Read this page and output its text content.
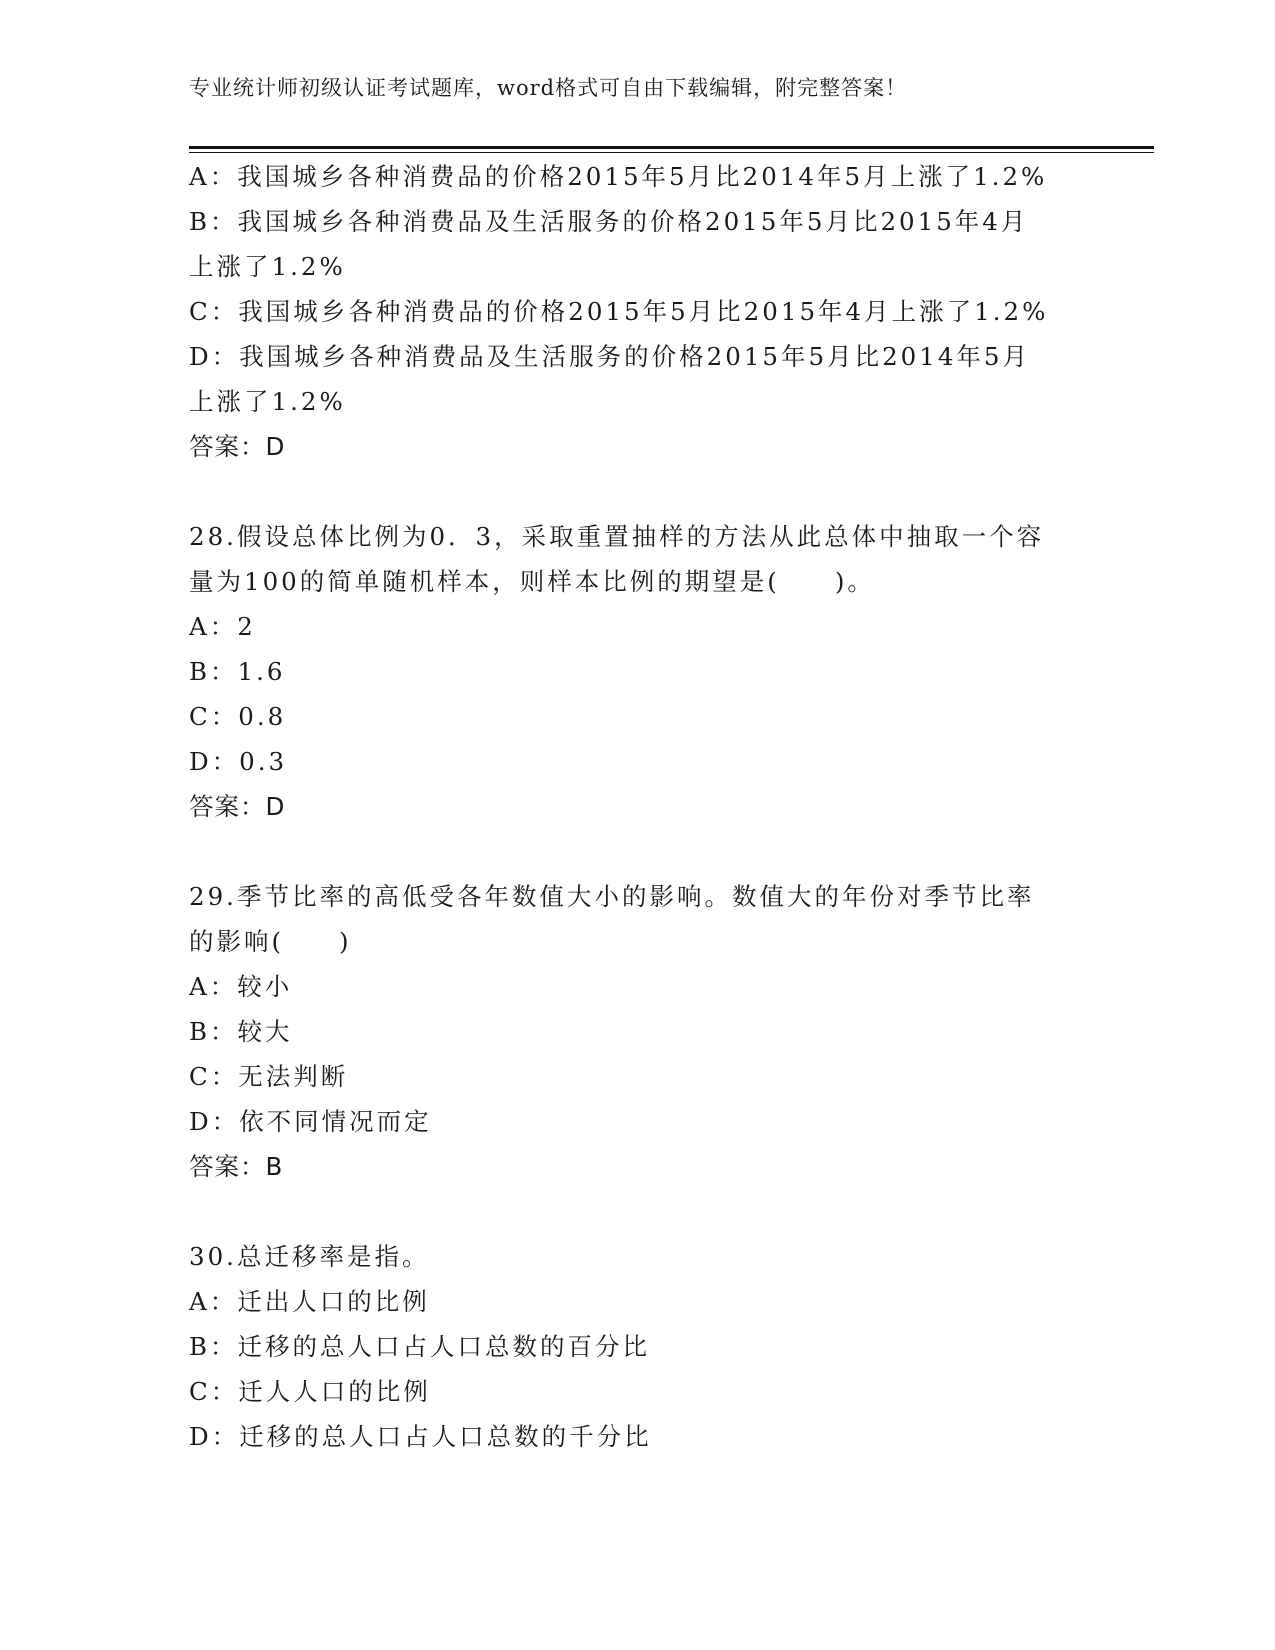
专业统计师初级认证考试题库，word格式可自由下载编辑，附完整答案！
A：我国城乡各种消费品的价格2015年5月比2014年5月上涨了1.2%
B：我国城乡各种消费品及生活服务的价格2015年5月比2015年4月
上涨了1.2%
C：我国城乡各种消费品的价格2015年5月比2015年4月上涨了1.2%
D：我国城乡各种消费品及生活服务的价格2015年5月比2014年5月
上涨了1.2%
答案：D
28.假设总体比例为0．3，采取重置抽样的方法从此总体中抽取一个容
量为100的简单随机样本，则样本比例的期望是(　　)。
A：2
B：1.6
C：0.8
D：0.3
答案：D
29.季节比率的高低受各年数值大小的影响。数值大的年份对季节比率
的影响(　　)
A：较小
B：较大
C：无法判断
D：依不同情况而定
答案：B
30.总迁移率是指。
A：迁出人口的比例
B：迁移的总人口占人口总数的百分比
C：迁人人口的比例
D：迁移的总人口占人口总数的千分比
